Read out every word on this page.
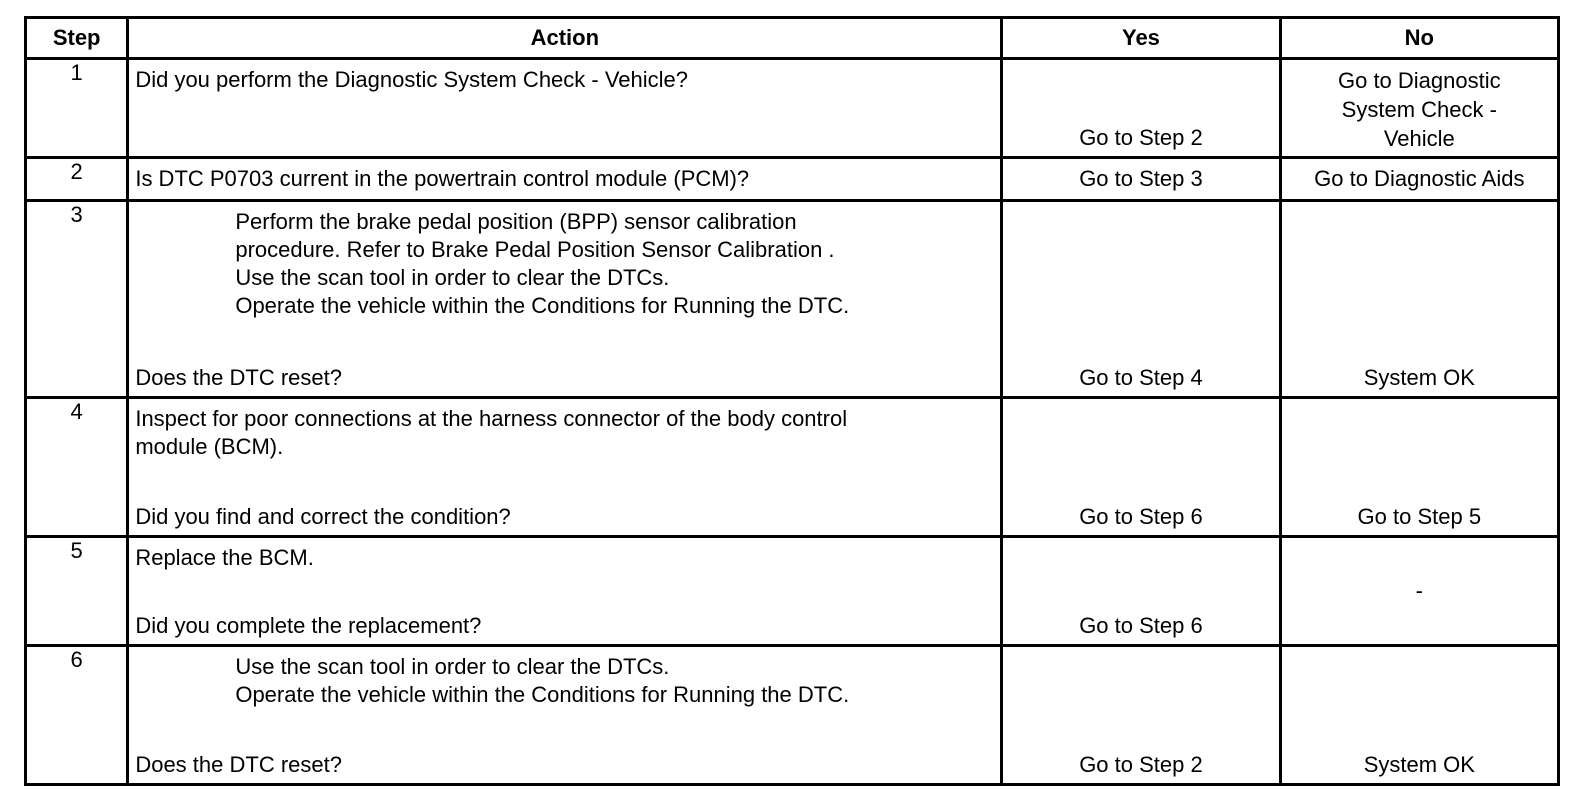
Step	Action	Yes	No
1	Did you perform the Diagnostic System Check - Vehicle?	Go to Step 2	Go to Diagnostic
System Check -
Vehicle

2	Is DTC P0703 current in the powertrain control module (PCM)?	Go to Step 3	Go to Diagnostic Aids

3	Perform the brake pedal position (BPP) sensor calibration
procedure. Refer to Brake Pedal Position Sensor Calibration .
Use the scan tool in order to clear the DTCs.
Operate the vehicle within the Conditions for Running the DTC.
Does the DTC reset?	Go to Step 4	System OK

4	Inspect for poor connections at the harness connector of the body control
module (BCM).
Did you find and correct the condition?	Go to Step 6	Go to Step 5

5	Replace the BCM.
Did you complete the replacement?	Go to Step 6	-

6	Use the scan tool in order to clear the DTCs.
Operate the vehicle within the Conditions for Running the DTC.
Does the DTC reset?	Go to Step 2	System OK
